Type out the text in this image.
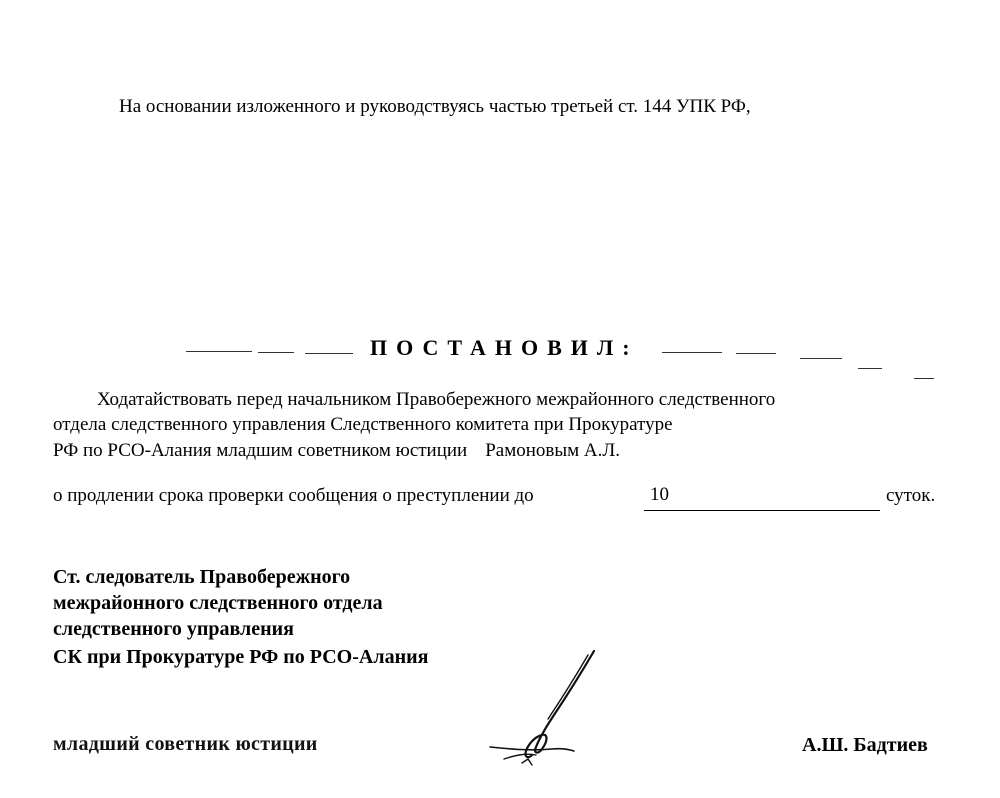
На основании изложенного и руководствуясь частью третьей ст. 144 УПК РФ,
ПОСТАНОВИЛ:
Ходатайствовать перед начальником Правобережного межрайонного следственного
отдела следственного управления Следственного комитета при Прокуратуре
РФ по РСО-Алания младшим советником юстиции Рамоновым А.Л.
о продлении срока проверки сообщения о преступлении до	10	суток.
Ст. следователь Правобережного
межрайонного следственного отдела
следственного управления
СК при Прокуратуре РФ по РСО-Алания
младший советник юстиции	А.Ш. Бадтиев
